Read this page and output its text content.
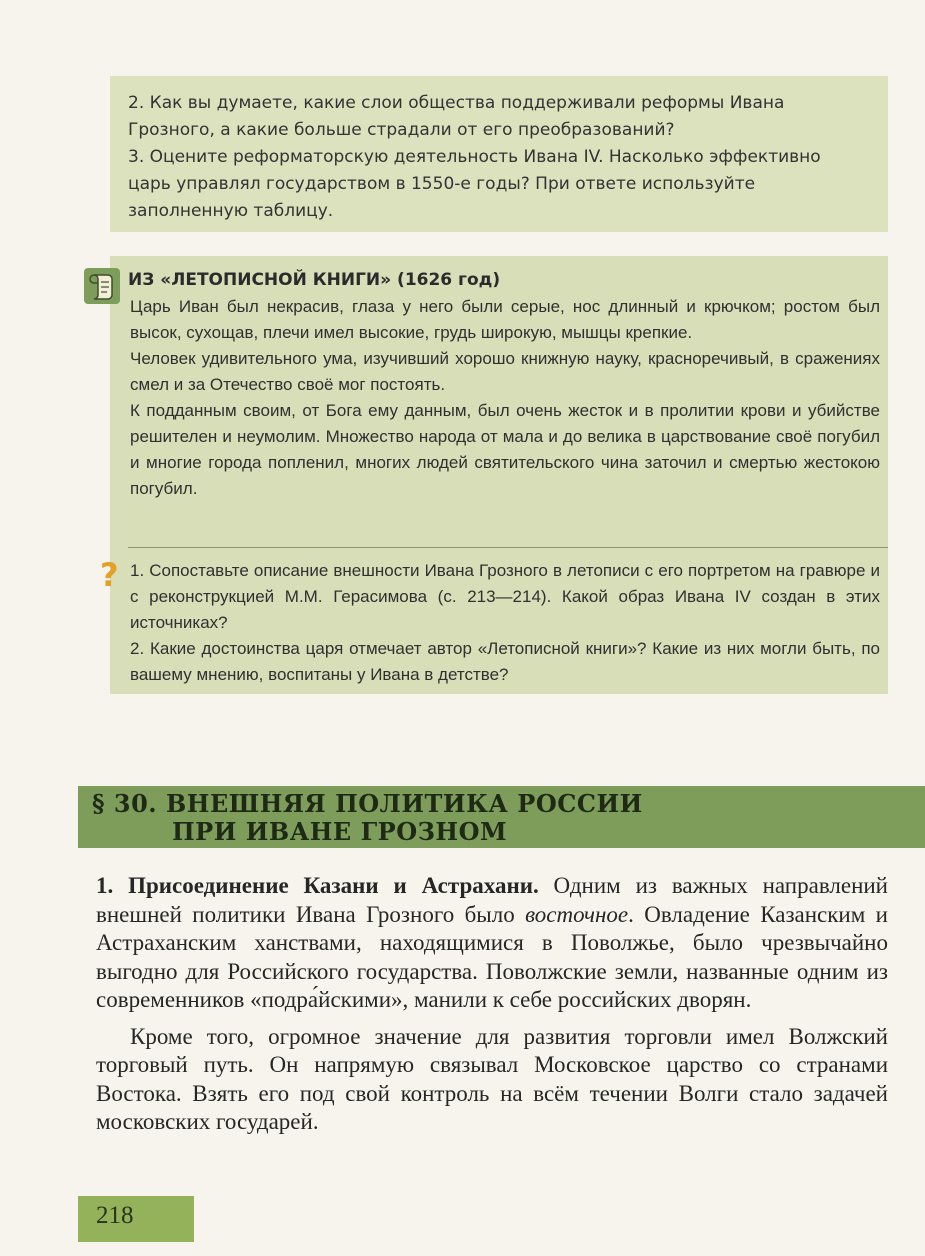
2. Как вы думаете, какие слои общества поддерживали реформы Ивана Грозного, а какие больше страдали от его преобразований?

3. Оцените реформаторскую деятельность Ивана IV. Насколько эффективно царь управлял государством в 1550-е годы? При ответе используйте заполненную таблицу.

ИЗ «ЛЕТОПИСНОЙ КНИГИ» (1626 год)

Царь Иван был некрасив, глаза у него были серые, нос длинный и крючком; ростом был высок, сухощав, плечи имел высокие, грудь широкую, мышцы крепкие.

Человек удивительного ума, изучивший хорошо книжную науку, красноречивый, в сражениях смел и за Отечество своё мог постоять.

К подданным своим, от Бога ему данным, был очень жесток и в пролитии крови и убийстве решителен и неумолим. Множество народа от мала и до велика в царствование своё погубил и многие города попленил, многих людей святительского чина заточил и смертью жестокою погубил.

? 1. Сопоставьте описание внешности Ивана Грозного в летописи с его портретом на гравюре и с реконструкцией М.М. Герасимова (с. 213—214). Какой образ Ивана IV создан в этих источниках?

2. Какие достоинства царя отмечает автор «Летописной книги»? Какие из них могли быть, по вашему мнению, воспитаны у Ивана в детстве?

§ 30. ВНЕШНЯЯ ПОЛИТИКА РОССИИ
ПРИ ИВАНЕ ГРОЗНОМ

1. Присоединение Казани и Астрахани. Одним из важных направлений внешней политики Ивана Грозного было восточное. Овладение Казанским и Астраханским ханствами, находящимися в Поволжье, было чрезвычайно выгодно для Российского государства. Поволжские земли, названные одним из современников «подра́йскими», манили к себе российских дворян.

Кроме того, огромное значение для развития торговли имел Волжский торговый путь. Он напрямую связывал Московское царство со странами Востока. Взять его под свой контроль на всём течении Волги стало задачей московских государей.

218
